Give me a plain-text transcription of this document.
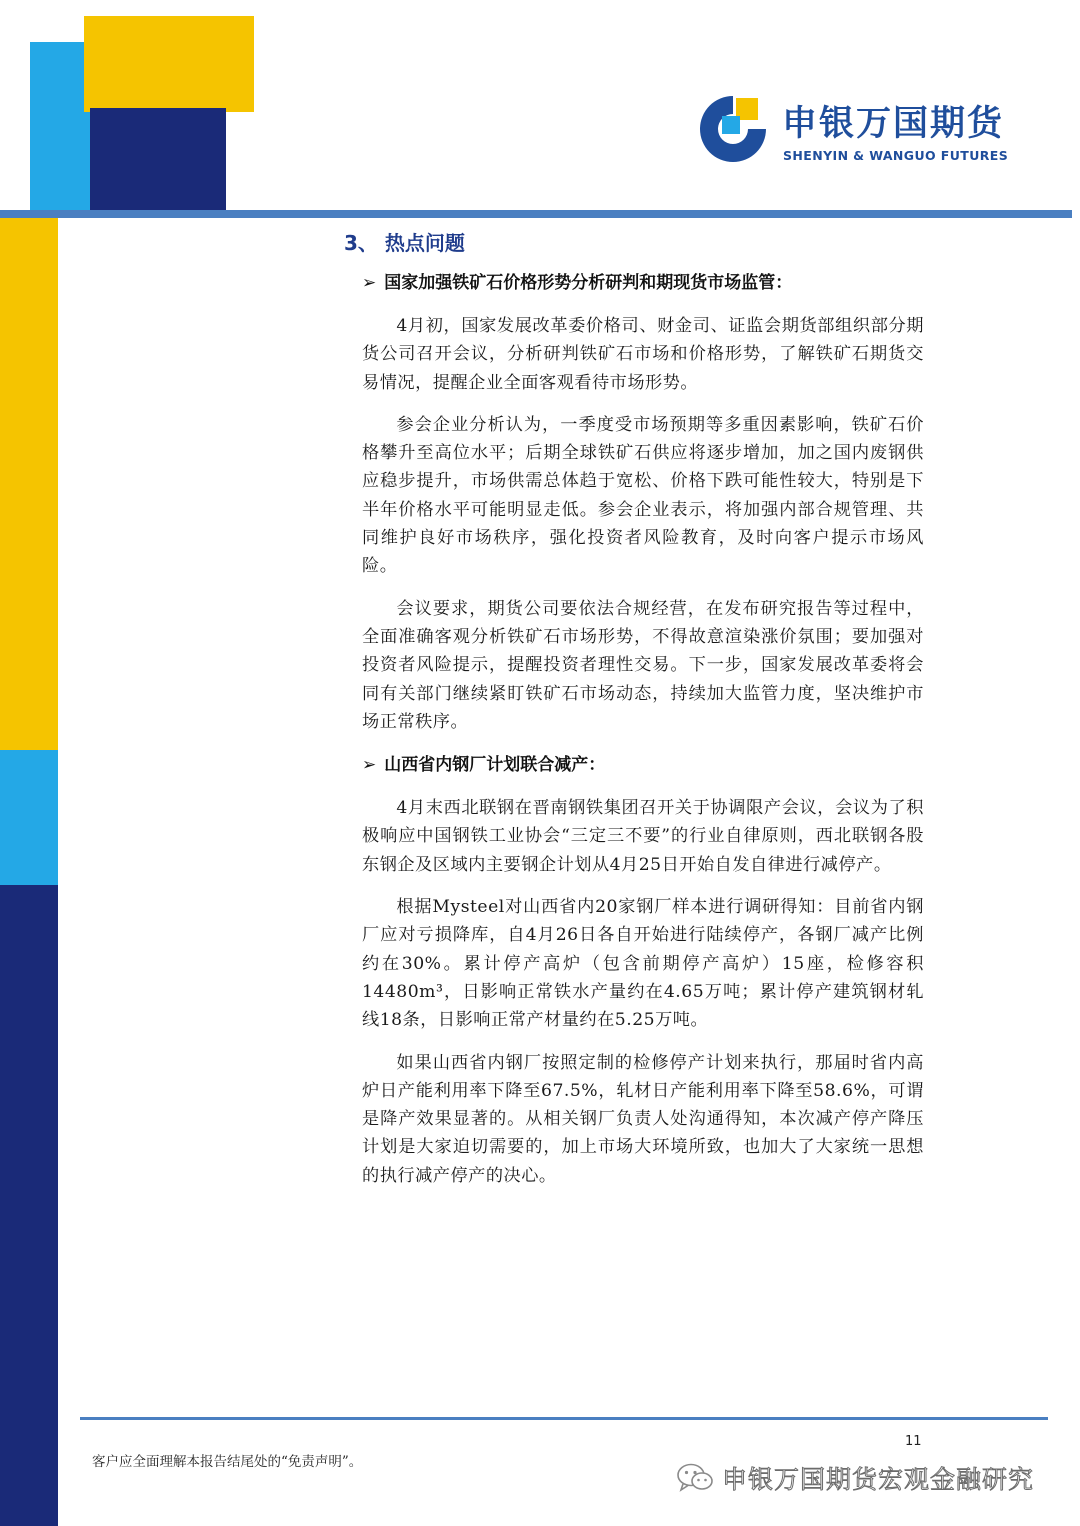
申银万国期货
SHENYIN & WANGUO FUTURES
3、 热点问题
➢ 国家加强铁矿石价格形势分析研判和期现货市场监管：

4月初，国家发展改革委价格司、财金司、证监会期货部组织部分期货公司召开会议，分析研判铁矿石市场和价格形势，了解铁矿石期货交易情况，提醒企业全面客观看待市场形势。

参会企业分析认为，一季度受市场预期等多重因素影响，铁矿石价格攀升至高位水平；后期全球铁矿石供应将逐步增加，加之国内废钢供应稳步提升，市场供需总体趋于宽松、价格下跌可能性较大，特别是下半年价格水平可能明显走低。参会企业表示，将加强内部合规管理、共同维护良好市场秩序，强化投资者风险教育，及时向客户提示市场风险。

会议要求，期货公司要依法合规经营，在发布研究报告等过程中，全面准确客观分析铁矿石市场形势，不得故意渲染涨价氛围；要加强对投资者风险提示，提醒投资者理性交易。下一步，国家发展改革委将会同有关部门继续紧盯铁矿石市场动态，持续加大监管力度，坚决维护市场正常秩序。

➢ 山西省内钢厂计划联合减产：

4月末西北联钢在晋南钢铁集团召开关于协调限产会议，会议为了积极响应中国钢铁工业协会“三定三不要”的行业自律原则，西北联钢各股东钢企及区域内主要钢企计划从4月25日开始自发自律进行减停产。

根据Mysteel对山西省内20家钢厂样本进行调研得知：目前省内钢厂应对亏损降库，自4月26日各自开始进行陆续停产，各钢厂减产比例约在30%。累计停产高炉（包含前期停产高炉）15座，检修容积14480m³，日影响正常铁水产量约在4.65万吨；累计停产建筑钢材轧线18条，日影响正常产材量约在5.25万吨。

如果山西省内钢厂按照定制的检修停产计划来执行，那届时省内高炉日产能利用率下降至67.5%，轧材日产能利用率下降至58.6%，可谓是降产效果显著的。从相关钢厂负责人处沟通得知，本次减产停产降压计划是大家迫切需要的，加上市场大环境所致，也加大了大家统一思想的执行减产停产的决心。

11
客户应全面理解本报告结尾处的“免责声明”。
申银万国期货宏观金融研究
